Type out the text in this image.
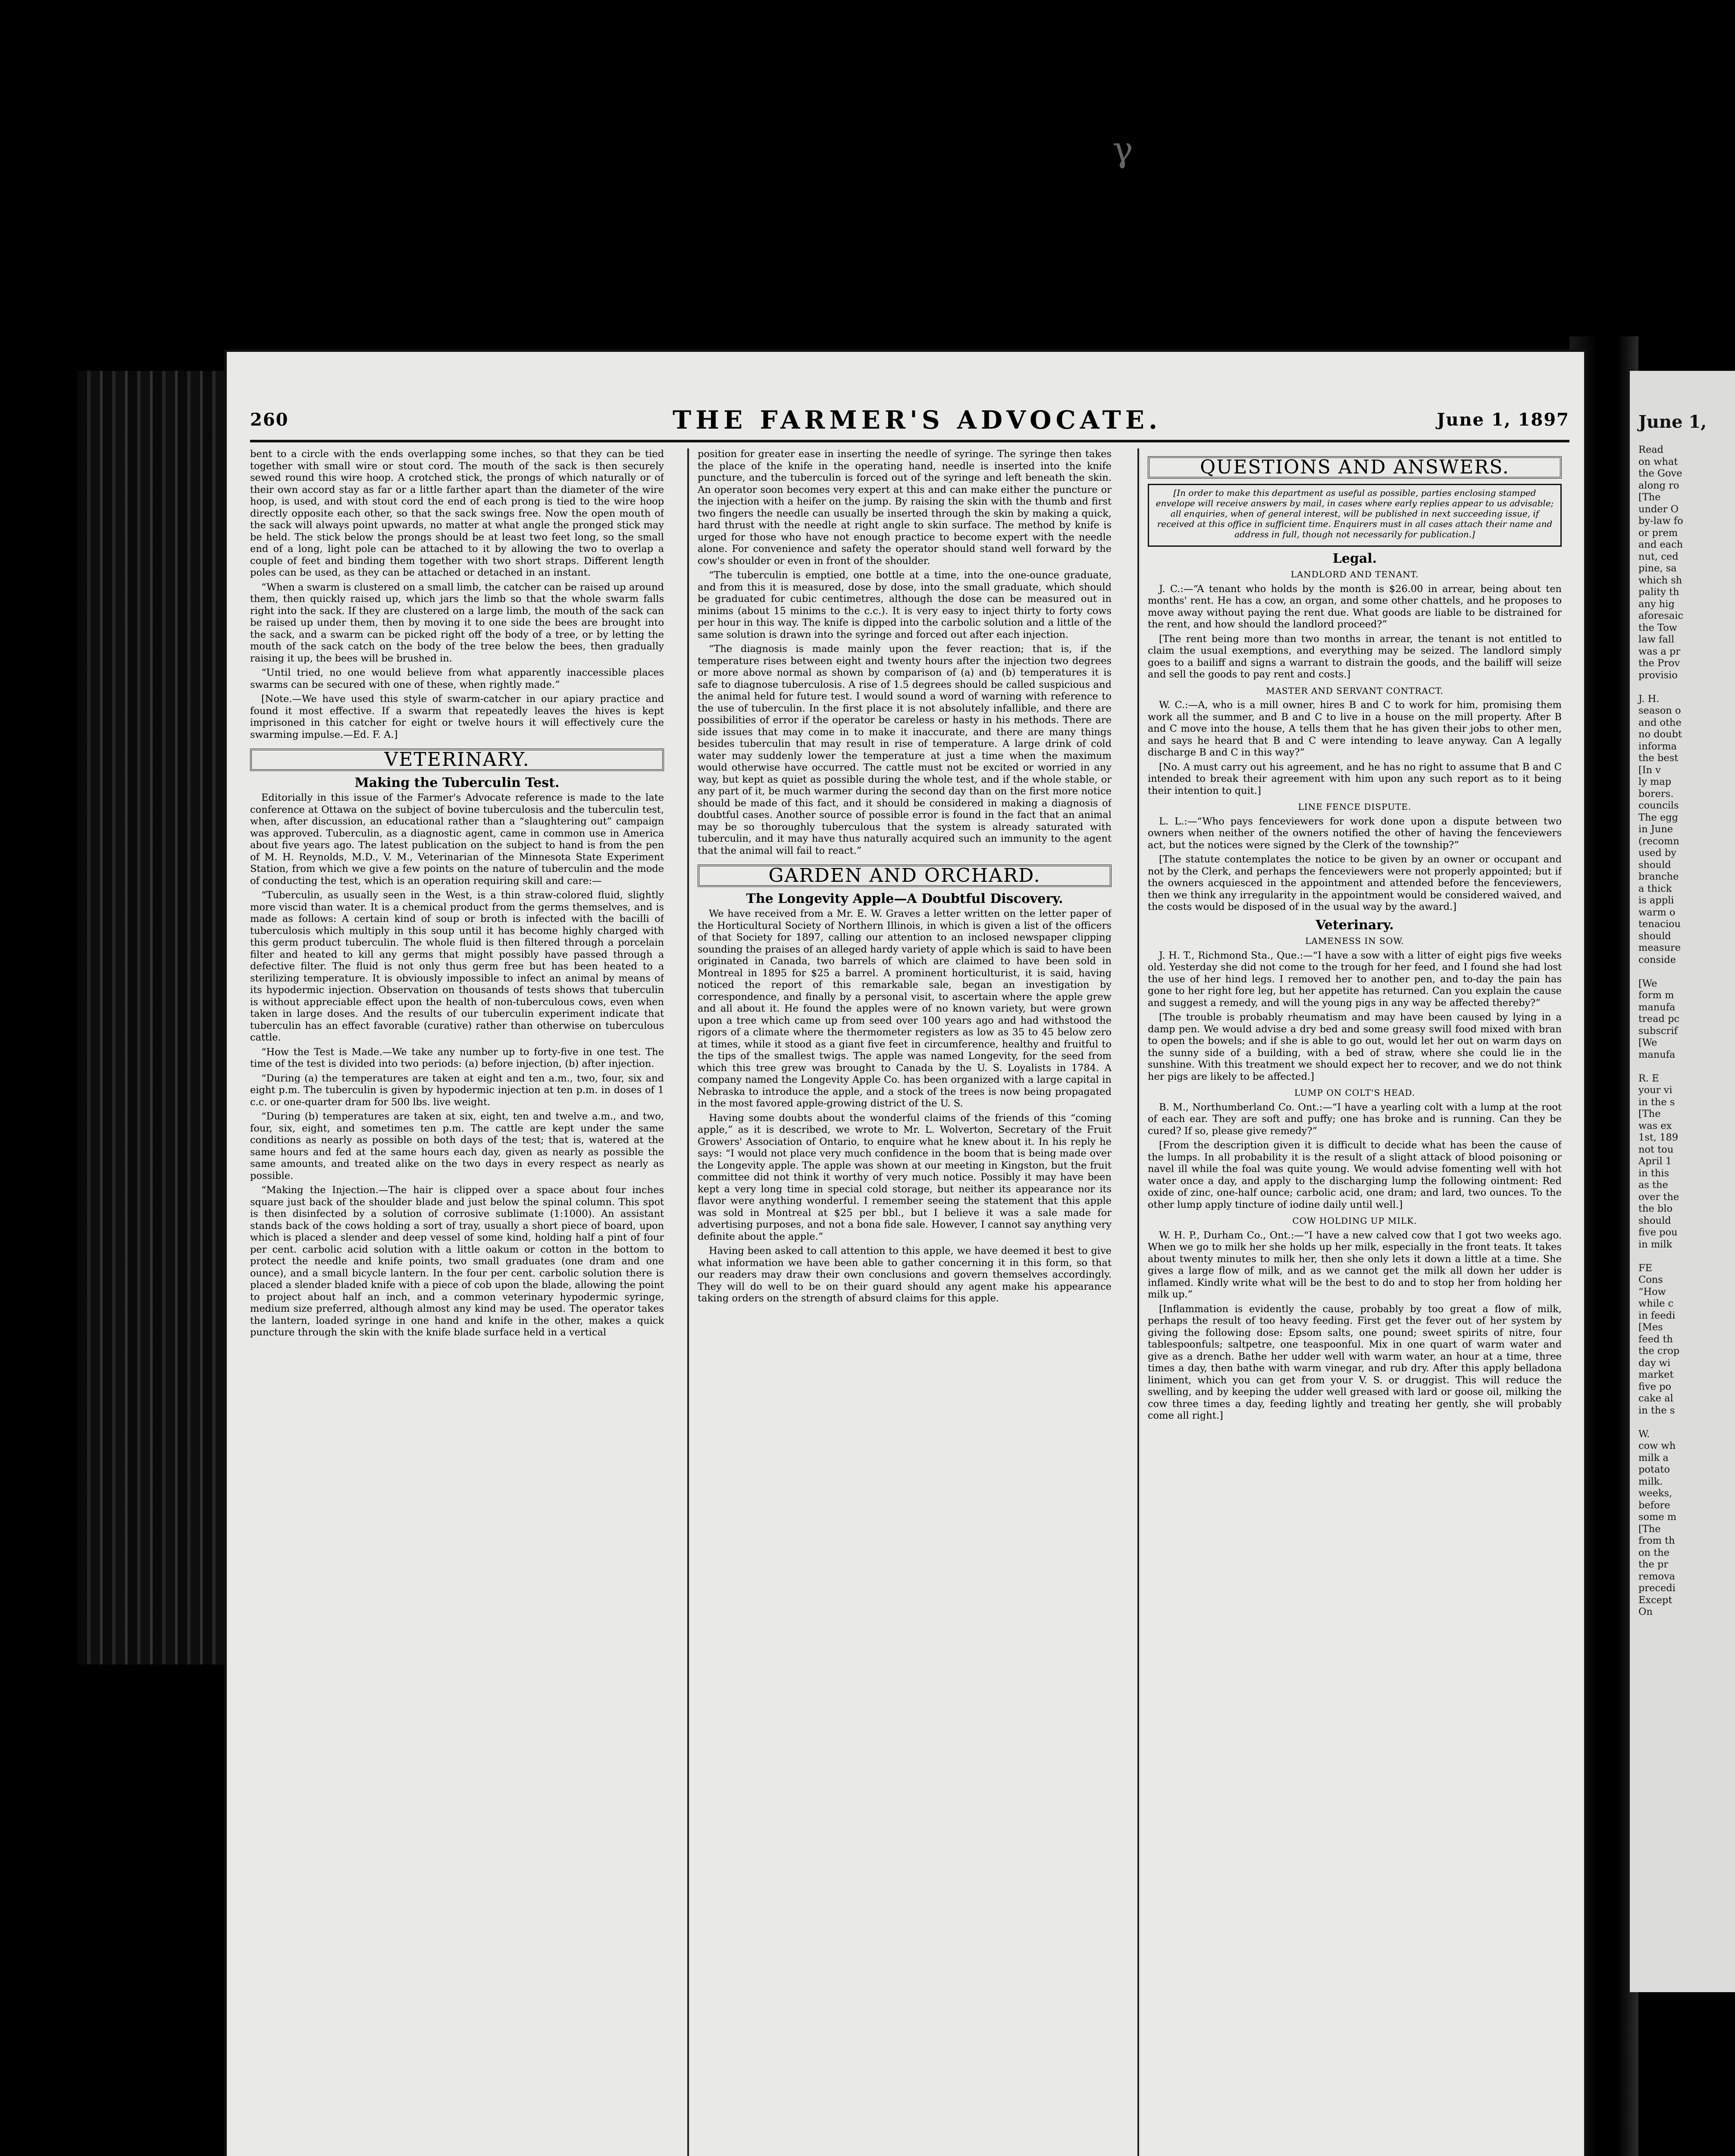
γ
260	THE FARMER'S ADVOCATE.	June 1, 1897

bent to a circle with the ends overlapping some inches, so that they can be tied together with small wire or stout cord. The mouth of the sack is then securely sewed round this wire hoop. A crotched stick, the prongs of which naturally or of their own accord stay as far or a little farther apart than the diameter of the wire hoop, is used, and with stout cord the end of each prong is tied to the wire hoop directly opposite each other, so that the sack swings free. Now the open mouth of the sack will always point upwards, no matter at what angle the pronged stick may be held. The stick below the prongs should be at least two feet long, so the small end of a long, light pole can be attached to it by allowing the two to overlap a couple of feet and binding them together with two short straps. Different length poles can be used, as they can be attached or detached in an instant.

“When a swarm is clustered on a small limb, the catcher can be raised up around them, then quickly raised up, which jars the limb so that the whole swarm falls right into the sack. If they are clustered on a large limb, the mouth of the sack can be raised up under them, then by moving it to one side the bees are brought into the sack, and a swarm can be picked right off the body of a tree, or by letting the mouth of the sack catch on the body of the tree below the bees, then gradually raising it up, the bees will be brushed in.

“Until tried, no one would believe from what apparently inaccessible places swarms can be secured with one of these, when rightly made.”

[Note.—We have used this style of swarm-catcher in our apiary practice and found it most effective. If a swarm that repeatedly leaves the hives is kept imprisoned in this catcher for eight or twelve hours it will effectively cure the swarming impulse.—Ed. F. A.]

VETERINARY.
Making the Tuberculin Test.

Editorially in this issue of the Farmer's Advocate reference is made to the late conference at Ottawa on the subject of bovine tuberculosis and the tuberculin test, when, after discussion, an educational rather than a “slaughtering out” campaign was approved. Tuberculin, as a diagnostic agent, came in common use in America about five years ago. The latest publication on the subject to hand is from the pen of M. H. Reynolds, M.D., V. M., Veterinarian of the Minnesota State Experiment Station, from which we give a few points on the nature of tuberculin and the mode of conducting the test, which is an operation requiring skill and care:—

“Tuberculin, as usually seen in the West, is a thin straw-colored fluid, slightly more viscid than water. It is a chemical product from the germs themselves, and is made as follows: A certain kind of soup or broth is infected with the bacilli of tuberculosis which multiply in this soup until it has become highly charged with this germ product tuberculin. The whole fluid is then filtered through a porcelain filter and heated to kill any germs that might possibly have passed through a defective filter. The fluid is not only thus germ free but has been heated to a sterilizing temperature. It is obviously impossible to infect an animal by means of its hypodermic injection. Observation on thousands of tests shows that tuberculin is without appreciable effect upon the health of non-tuberculous cows, even when taken in large doses. And the results of our tuberculin experiment indicate that tuberculin has an effect favorable (curative) rather than otherwise on tuberculous cattle.

“How the Test is Made.—We take any number up to forty-five in one test. The time of the test is divided into two periods: (a) before injection, (b) after injection.

“During (a) the temperatures are taken at eight and ten a.m., two, four, six and eight p.m. The tuberculin is given by hypodermic injection at ten p.m. in doses of 1 c.c. or one-quarter dram for 500 lbs. live weight.

“During (b) temperatures are taken at six, eight, ten and twelve a.m., and two, four, six, eight, and sometimes ten p.m. The cattle are kept under the same conditions as nearly as possible on both days of the test; that is, watered at the same hours and fed at the same hours each day, given as nearly as possible the same amounts, and treated alike on the two days in every respect as nearly as possible.

“Making the Injection.—The hair is clipped over a space about four inches square just back of the shoulder blade and just below the spinal column. This spot is then disinfected by a solution of corrosive sublimate (1:1000). An assistant stands back of the cows holding a sort of tray, usually a short piece of board, upon which is placed a slender and deep vessel of some kind, holding half a pint of four per cent. carbolic acid solution with a little oakum or cotton in the bottom to protect the needle and knife points, two small graduates (one dram and one ounce), and a small bicycle lantern. In the four per cent. carbolic solution there is placed a slender bladed knife with a piece of cob upon the blade, allowing the point to project about half an inch, and a common veterinary hypodermic syringe, medium size preferred, although almost any kind may be used. The operator takes the lantern, loaded syringe in one hand and knife in the other, makes a quick puncture through the skin with the knife blade surface held in a vertical

position for greater ease in inserting the needle of syringe. The syringe then takes the place of the knife in the operating hand, needle is inserted into the knife puncture, and the tuberculin is forced out of the syringe and left beneath the skin. An operator soon becomes very expert at this and can make either the puncture or the injection with a heifer on the jump. By raising the skin with the thumb and first two fingers the needle can usually be inserted through the skin by making a quick, hard thrust with the needle at right angle to skin surface. The method by knife is urged for those who have not enough practice to become expert with the needle alone. For convenience and safety the operator should stand well forward by the cow's shoulder or even in front of the shoulder.

“The tuberculin is emptied, one bottle at a time, into the one-ounce graduate, and from this it is measured, dose by dose, into the small graduate, which should be graduated for cubic centimetres, although the dose can be measured out in minims (about 15 minims to the c.c.). It is very easy to inject thirty to forty cows per hour in this way. The knife is dipped into the carbolic solution and a little of the same solution is drawn into the syringe and forced out after each injection.

“The diagnosis is made mainly upon the fever reaction; that is, if the temperature rises between eight and twenty hours after the injection two degrees or more above normal as shown by comparison of (a) and (b) temperatures it is safe to diagnose tuberculosis. A rise of 1.5 degrees should be called suspicious and the animal held for future test. I would sound a word of warning with reference to the use of tuberculin. In the first place it is not absolutely infallible, and there are possibilities of error if the operator be careless or hasty in his methods. There are side issues that may come in to make it inaccurate, and there are many things besides tuberculin that may result in rise of temperature. A large drink of cold water may suddenly lower the temperature at just a time when the maximum would otherwise have occurred. The cattle must not be excited or worried in any way, but kept as quiet as possible during the whole test, and if the whole stable, or any part of it, be much warmer during the second day than on the first more notice should be made of this fact, and it should be considered in making a diagnosis of doubtful cases. Another source of possible error is found in the fact that an animal may be so thoroughly tuberculous that the system is already saturated with tuberculin, and it may have thus naturally acquired such an immunity to the agent that the animal will fail to react.”

GARDEN AND ORCHARD.
The Longevity Apple—A Doubtful Discovery.

We have received from a Mr. E. W. Graves a letter written on the letter paper of the Horticultural Society of Northern Illinois, in which is given a list of the officers of that Society for 1897, calling our attention to an inclosed newspaper clipping sounding the praises of an alleged hardy variety of apple which is said to have been originated in Canada, two barrels of which are claimed to have been sold in Montreal in 1895 for $25 a barrel. A prominent horticulturist, it is said, having noticed the report of this remarkable sale, began an investigation by correspondence, and finally by a personal visit, to ascertain where the apple grew and all about it. He found the apples were of no known variety, but were grown upon a tree which came up from seed over 100 years ago and had withstood the rigors of a climate where the thermometer registers as low as 35 to 45 below zero at times, while it stood as a giant five feet in circumference, healthy and fruitful to the tips of the smallest twigs. The apple was named Longevity, for the seed from which this tree grew was brought to Canada by the U. S. Loyalists in 1784. A company named the Longevity Apple Co. has been organized with a large capital in Nebraska to introduce the apple, and a stock of the trees is now being propagated in the most favored apple-growing district of the U. S.

Having some doubts about the wonderful claims of the friends of this “coming apple,” as it is described, we wrote to Mr. L. Wolverton, Secretary of the Fruit Growers' Association of Ontario, to enquire what he knew about it. In his reply he says: “I would not place very much confidence in the boom that is being made over the Longevity apple. The apple was shown at our meeting in Kingston, but the fruit committee did not think it worthy of very much notice. Possibly it may have been kept a very long time in special cold storage, but neither its appearance nor its flavor were anything wonderful. I remember seeing the statement that this apple was sold in Montreal at $25 per bbl., but I believe it was a sale made for advertising purposes, and not a bona fide sale. However, I cannot say anything very definite about the apple.”

Having been asked to call attention to this apple, we have deemed it best to give what information we have been able to gather concerning it in this form, so that our readers may draw their own conclusions and govern themselves accordingly. They will do well to be on their guard should any agent make his appearance taking orders on the strength of absurd claims for this apple.

QUESTIONS AND ANSWERS.

[In order to make this department as useful as possible, parties enclosing stamped envelope will receive answers by mail, in cases where early replies appear to us advisable; all enquiries, when of general interest, will be published in next succeeding issue, if received at this office in sufficient time. Enquirers must in all cases attach their name and address in full, though not necessarily for publication.]

Legal.
LANDLORD AND TENANT.

J. C.:—“A tenant who holds by the month is $26.00 in arrear, being about ten months' rent. He has a cow, an organ, and some other chattels, and he proposes to move away without paying the rent due. What goods are liable to be distrained for the rent, and how should the landlord proceed?”

[The rent being more than two months in arrear, the tenant is not entitled to claim the usual exemptions, and everything may be seized. The landlord simply goes to a bailiff and signs a warrant to distrain the goods, and the bailiff will seize and sell the goods to pay rent and costs.]

MASTER AND SERVANT CONTRACT.

W. C.:—A, who is a mill owner, hires B and C to work for him, promising them work all the summer, and B and C to live in a house on the mill property. After B and C move into the house, A tells them that he has given their jobs to other men, and says he heard that B and C were intending to leave anyway. Can A legally discharge B and C in this way?”

[No. A must carry out his agreement, and he has no right to assume that B and C intended to break their agreement with him upon any such report as to it being their intention to quit.]

LINE FENCE DISPUTE.

L. L.:—“Who pays fenceviewers for work done upon a dispute between two owners when neither of the owners notified the other of having the fenceviewers act, but the notices were signed by the Clerk of the township?”

[The statute contemplates the notice to be given by an owner or occupant and not by the Clerk, and perhaps the fenceviewers were not properly appointed; but if the owners acquiesced in the appointment and attended before the fenceviewers, then we think any irregularity in the appointment would be considered waived, and the costs would be disposed of in the usual way by the award.]

Veterinary.
LAMENESS IN SOW.

J. H. T., Richmond Sta., Que.:—“I have a sow with a litter of eight pigs five weeks old. Yesterday she did not come to the trough for her feed, and I found she had lost the use of her hind legs. I removed her to another pen, and to-day the pain has gone to her right fore leg, but her appetite has returned. Can you explain the cause and suggest a remedy, and will the young pigs in any way be affected thereby?”

[The trouble is probably rheumatism and may have been caused by lying in a damp pen. We would advise a dry bed and some greasy swill food mixed with bran to open the bowels; and if she is able to go out, would let her out on warm days on the sunny side of a building, with a bed of straw, where she could lie in the sunshine. With this treatment we should expect her to recover, and we do not think her pigs are likely to be affected.]

LUMP ON COLT'S HEAD.

B. M., Northumberland Co. Ont.:—“I have a yearling colt with a lump at the root of each ear. They are soft and puffy; one has broke and is running. Can they be cured? If so, please give remedy?”

[From the description given it is difficult to decide what has been the cause of the lumps. In all probability it is the result of a slight attack of blood poisoning or navel ill while the foal was quite young. We would advise fomenting well with hot water once a day, and apply to the discharging lump the following ointment: Red oxide of zinc, one-half ounce; carbolic acid, one dram; and lard, two ounces. To the other lump apply tincture of iodine daily until well.]

COW HOLDING UP MILK.

W. H. P., Durham Co., Ont.:—“I have a new calved cow that I got two weeks ago. When we go to milk her she holds up her milk, especially in the front teats. It takes about twenty minutes to milk her, then she only lets it down a little at a time. She gives a large flow of milk, and as we cannot get the milk all down her udder is inflamed. Kindly write what will be the best to do and to stop her from holding her milk up.”

[Inflammation is evidently the cause, probably by too great a flow of milk, perhaps the result of too heavy feeding. First get the fever out of her system by giving the following dose: Epsom salts, one pound; sweet spirits of nitre, four tablespoonfuls; saltpetre, one teaspoonful. Mix in one quart of warm water and give as a drench. Bathe her udder well with warm water, an hour at a time, three times a day, then bathe with warm vinegar, and rub dry. After this apply belladona liniment, which you can get from your V. S. or druggist. This will reduce the swelling, and by keeping the udder well greased with lard or goose oil, milking the cow three times a day, feeding lightly and treating her gently, she will probably come all right.]

June 1,
Read
on what
the Gove
along ro
[The
under O
by-law fo
or prem
and each
nut, ced
pine, sa
which sh
pality th
any hig
aforesaic
the Tow
law fall
was a pr
the Prov
provisio

J. H.
season o
and othe
no doubt
informa
the best
[In v
ly map
borers.
councils
The egg
in June
(recomn
used by
should
branche
a thick
is appli
warm o
tenaciou
should
measure
conside

[We
form m
manufa
tread pc
subscrif
[We
manufa

R. E
your vi
in the s
[The
was ex
1st, 189
not tou
April 1
in this
as the
over the
the blo
should
five pou
in milk

FE
Cons
“How
while c
in feedi
[Mes
feed th
the crop
day wi
market
five po
cake al
in the s

W.
cow wh
milk a
potato
milk.
weeks,
before
some m
[The
from th
on the
the pr
remova
precedi
Except
On
